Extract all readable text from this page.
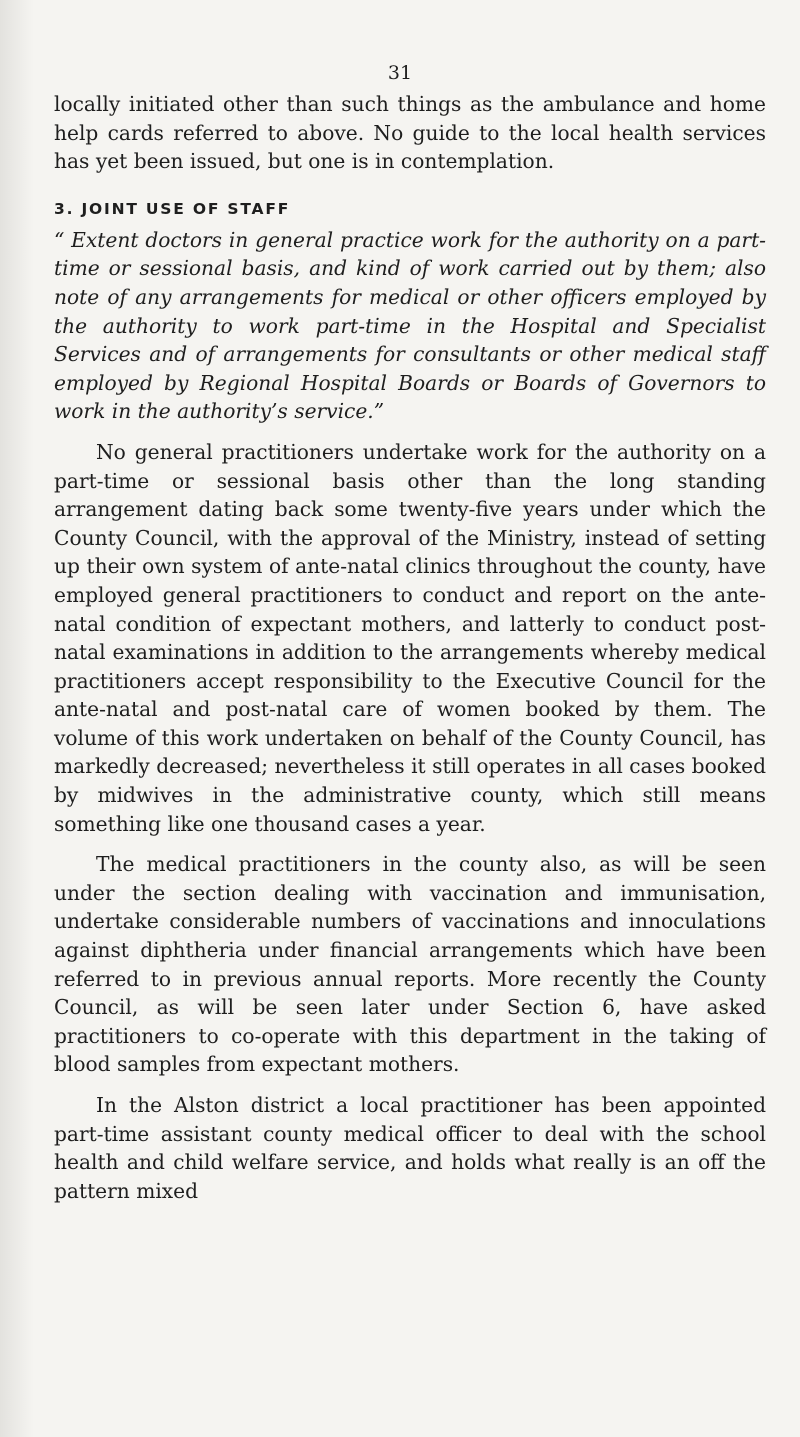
31

locally initiated other than such things as the ambulance and home help cards referred to above. No guide to the local health services has yet been issued, but one is in contemplation.

3. JOINT USE OF STAFF

“ Extent doctors in general practice work for the authority on a part-time or sessional basis, and kind of work carried out by them; also note of any arrangements for medical or other officers employed by the authority to work part-time in the Hospital and Specialist Services and of arrangements for consultants or other medical staff employed by Regional Hospital Boards or Boards of Governors to work in the authority’s service.”

No general practitioners undertake work for the authority on a part-time or sessional basis other than the long standing arrangement dating back some twenty-five years under which the County Council, with the approval of the Ministry, instead of setting up their own system of ante-natal clinics throughout the county, have employed general practitioners to conduct and report on the ante-natal condition of expectant mothers, and latterly to conduct post-natal examinations in addition to the arrangements whereby medical practitioners accept responsibility to the Executive Council for the ante-natal and post-natal care of women booked by them. The volume of this work undertaken on behalf of the County Council, has markedly decreased; nevertheless it still operates in all cases booked by midwives in the administrative county, which still means something like one thousand cases a year.

The medical practitioners in the county also, as will be seen under the section dealing with vaccination and immunisation, undertake considerable numbers of vaccinations and innoculations against diphtheria under financial arrangements which have been referred to in previous annual reports. More recently the County Council, as will be seen later under Section 6, have asked practitioners to co-operate with this department in the taking of blood samples from expectant mothers.

In the Alston district a local practitioner has been appointed part-time assistant county medical officer to deal with the school health and child welfare service, and holds what really is an off the pattern mixed
